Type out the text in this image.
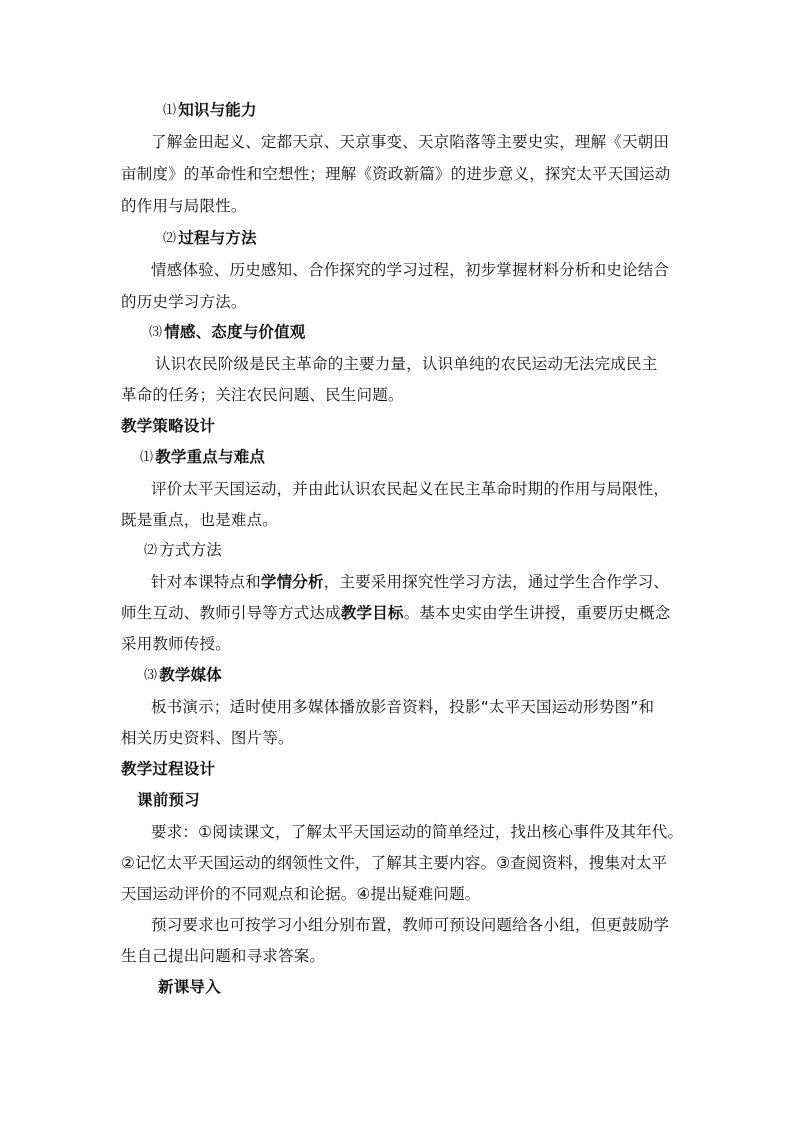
⑴ 知识与能力
了解金田起义、定都天京、天京事变、天京陷落等主要史实，理解《天朝田
亩制度》的革命性和空想性；理解《资政新篇》的进步意义，探究太平天国运动
的作用与局限性。
⑵ 过程与方法
情感体验、历史感知、合作探究的学习过程，初步掌握材料分析和史论结合
的历史学习方法。
⑶ 情感、态度与价值观
认识农民阶级是民主革命的主要力量，认识单纯的农民运动无法完成民主
革命的任务；关注农民问题、民生问题。
教学策略设计
⑴ 教学重点与难点
评价太平天国运动，并由此认识农民起义在民主革命时期的作用与局限性，
既是重点，也是难点。
⑵ 方式方法
针对本课特点和学情分析，主要采用探究性学习方法，通过学生合作学习、
师生互动、教师引导等方式达成教学目标。基本史实由学生讲授，重要历史概念
采用教师传授。
⑶ 教学媒体
板书演示；适时使用多媒体播放影音资料，投影“太平天国运动形势图”和
相关历史资料、图片等。
教学过程设计
课前预习
要求：①阅读课文，了解太平天国运动的简单经过，找出核心事件及其年代。
②记忆太平天国运动的纲领性文件，了解其主要内容。③查阅资料，搜集对太平
天国运动评价的不同观点和论据。④提出疑难问题。
预习要求也可按学习小组分别布置，教师可预设问题给各小组，但更鼓励学
生自己提出问题和寻求答案。
新课导入
